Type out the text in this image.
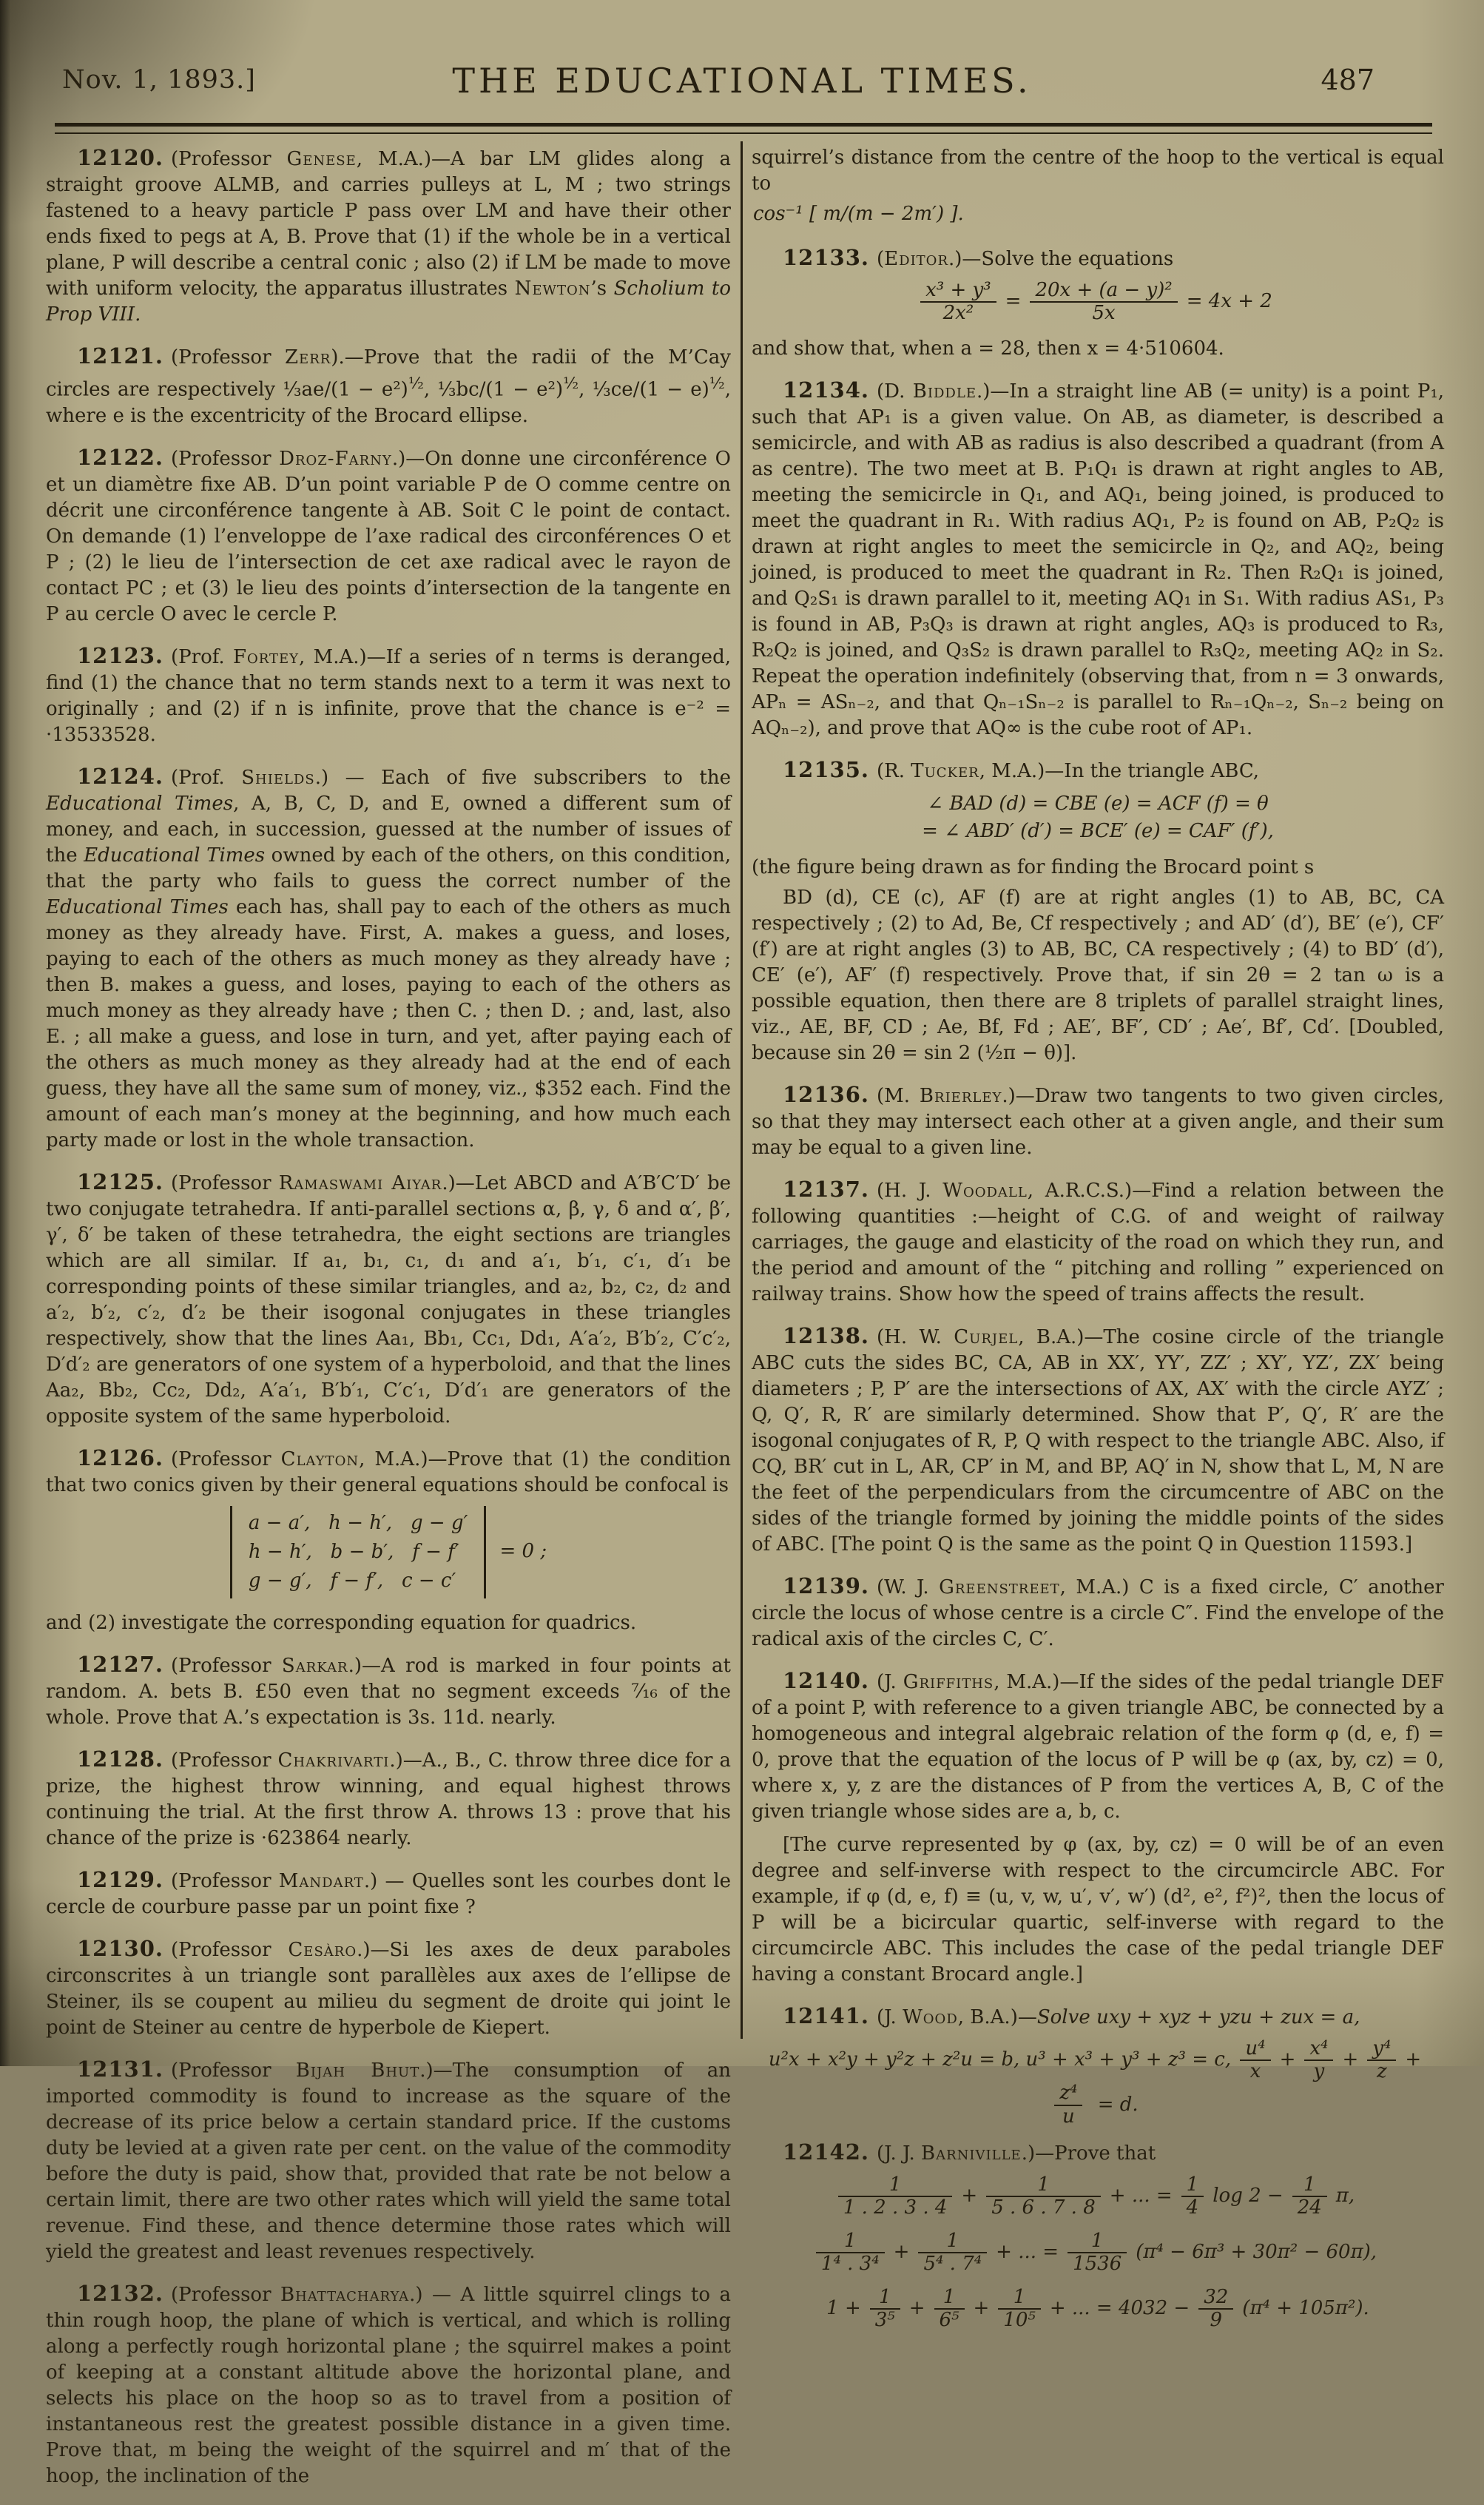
Nov. 1, 1893.]	THE EDUCATIONAL TIMES.	487

12120. (Professor Genese, M.A.)—A bar LM glides along a straight groove ALMB, and carries pulleys at L, M ; two strings fastened to a heavy particle P pass over LM and have their other ends fixed to pegs at A, B. Prove that (1) if the whole be in a vertical plane, P will describe a central conic ; also (2) if LM be made to move with uniform velocity, the apparatus illustrates Newton’s Scholium to Prop VIII.

12121. (Professor Zerr).—Prove that the radii of the M’Cay circles are respectively ⅓ae/(1 − e²)$^{\frac{1}{2}}$, ⅓bc/(1 − e²)$^{\frac{1}{2}}$, ⅓ce/(1 − e)$^{\frac{1}{2}}$, where e is the excentricity of the Brocard ellipse.

12122. (Professor Droz-Farny.)—On donne une circonférence O et un diamètre fixe AB. D’un point variable P de O comme centre on décrit une circonférence tangente à AB. Soit C le point de contact. On demande (1) l’enveloppe de l’axe radical des circonférences O et P ; (2) le lieu de l’intersection de cet axe radical avec le rayon de contact PC ; et (3) le lieu des points d’intersection de la tangente en P au cercle O avec le cercle P.

12123. (Prof. Fortey, M.A.)—If a series of n terms is deranged, find (1) the chance that no term stands next to a term it was next to originally ; and (2) if n is infinite, prove that the chance is e⁻² = ·13533528.

12124. (Prof. Shields.) — Each of five subscribers to the Educational Times, A, B, C, D, and E, owned a different sum of money, and each, in succession, guessed at the number of issues of the Educational Times owned by each of the others, on this condition, that the party who fails to guess the correct number of the Educational Times each has, shall pay to each of the others as much money as they already have. First, A. makes a guess, and loses, paying to each of the others as much money as they already have ; then B. makes a guess, and loses, paying to each of the others as much money as they already have ; then C. ; then D. ; and, last, also E. ; all make a guess, and lose in turn, and yet, after paying each of the others as much money as they already had at the end of each guess, they have all the same sum of money, viz., $352 each. Find the amount of each man’s money at the beginning, and how much each party made or lost in the whole transaction.

12125. (Professor Ramaswami Aiyar.)—Let ABCD and A′B′C′D′ be two conjugate tetrahedra. If anti-parallel sections α, β, γ, δ and α′, β′, γ′, δ′ be taken of these tetrahedra, the eight sections are triangles which are all similar. If a₁, b₁, c₁, d₁ and a′₁, b′₁, c′₁, d′₁ be corresponding points of these similar triangles, and a₂, b₂, c₂, d₂ and a′₂, b′₂, c′₂, d′₂ be their isogonal conjugates in these triangles respectively, show that the lines Aa₁, Bb₁, Cc₁, Dd₁, A′a′₂, B′b′₂, C′c′₂, D′d′₂ are generators of one system of a hyperboloid, and that the lines Aa₂, Bb₂, Cc₂, Dd₂, A′a′₁, B′b′₁, C′c′₁, D′d′₁ are generators of the opposite system of the same hyperboloid.

12126. (Professor Clayton, M.A.)—Prove that (1) the condition that two conics given by their general equations should be confocal is

a − a′,   h − h′,   g − g′
h − h′,   b − b′,   f − f′
g − g′,   f − f′,   c − c′
= 0 ;

and (2) investigate the corresponding equation for quadrics.

12127. (Professor Sarkar.)—A rod is marked in four points at random. A. bets B. £50 even that no segment exceeds ⁷⁄₁₆ of the whole. Prove that A.’s expectation is 3s. 11d. nearly.

12128. (Professor Chakrivarti.)—A., B., C. throw three dice for a prize, the highest throw winning, and equal highest throws continuing the trial. At the first throw A. throws 13 : prove that his chance of the prize is ·623864 nearly.

12129. (Professor Mandart.) — Quelles sont les courbes dont le cercle de courbure passe par un point fixe ?

12130. (Professor Cesàro.)—Si les axes de deux paraboles circonscrites à un triangle sont parallèles aux axes de l’ellipse de Steiner, ils se coupent au milieu du segment de droite qui joint le point de Steiner au centre de hyperbole de Kiepert.

12131. (Professor Bijah Bhut.)—The consumption of an imported commodity is found to increase as the square of the decrease of its price below a certain standard price. If the customs duty be levied at a given rate per cent. on the value of the commodity before the duty is paid, show that, provided that rate be not below a certain limit, there are two other rates which will yield the same total revenue. Find these, and thence determine those rates which will yield the greatest and least revenues respectively.

12132. (Professor Bhattacharya.) — A little squirrel clings to a thin rough hoop, the plane of which is vertical, and which is rolling along a perfectly rough horizontal plane ; the squirrel makes a point of keeping at a constant altitude above the horizontal plane, and selects his place on the hoop so as to travel from a position of instantaneous rest the greatest possible distance in a given time. Prove that, m being the weight of the squirrel and m′ that of the hoop, the inclination of the

squirrel’s distance from the centre of the hoop to the vertical is equal to

cos⁻¹ [ m/(m − 2m′) ].

12133. (Editor.)—Solve the equations

$\frac{\text{x³ + y³}}{\text{2x²}} = \frac{\text{20x + (a − y)²}}{5x} = 4x + 2$

and show that, when a = 28, then x = 4·510604.

12134. (D. Biddle.)—In a straight line AB (= unity) is a point P₁, such that AP₁ is a given value. On AB, as diameter, is described a semicircle, and with AB as radius is also described a quadrant (from A as centre). The two meet at B. P₁Q₁ is drawn at right angles to AB, meeting the semicircle in Q₁, and AQ₁, being joined, is produced to meet the quadrant in R₁. With radius AQ₁, P₂ is found on AB, P₂Q₂ is drawn at right angles to meet the semicircle in Q₂, and AQ₂, being joined, is produced to meet the quadrant in R₂. Then R₂Q₁ is joined, and Q₂S₁ is drawn parallel to it, meeting AQ₁ in S₁. With radius AS₁, P₃ is found in AB, P₃Q₃ is drawn at right angles, AQ₃ is produced to R₃, R₂Q₂ is joined, and Q₃S₂ is drawn parallel to R₃Q₂, meeting AQ₂ in S₂. Repeat the operation indefinitely (observing that, from n = 3 onwards, APₙ = ASₙ₋₂, and that Qₙ₋₁Sₙ₋₂ is parallel to Rₙ₋₁Qₙ₋₂, Sₙ₋₂ being on AQₙ₋₂), and prove that AQ∞ is the cube root of AP₁.

12135. (R. Tucker, M.A.)—In the triangle ABC,

∠ BAD (d) = CBE (e) = ACF (f) = θ
= ∠ ABD′ (d′) = BCE′ (e) = CAF′ (f′),

(the figure being drawn as for finding the Brocard point s

BD (d), CE (c), AF (f) are at right angles (1) to AB, BC, CA respectively ; (2) to Ad, Be, Cf respectively ; and AD′ (d′), BE′ (e′), CF′ (f′) are at right angles (3) to AB, BC, CA respectively ; (4) to BD′ (d′), CE′ (e′), AF′ (f) respectively. Prove that, if sin 2θ = 2 tan ω is a possible equation, then there are 8 triplets of parallel straight lines, viz., AE, BF, CD ; Ae, Bf, Fd ; AE′, BF′, CD′ ; Ae′, Bf′, Cd′. [Doubled, because sin 2θ = sin 2 (½π − θ)].

12136. (M. Brierley.)—Draw two tangents to two given circles, so that they may intersect each other at a given angle, and their sum may be equal to a given line.

12137. (H. J. Woodall, A.R.C.S.)—Find a relation between the following quantities :—height of C.G. of and weight of railway carriages, the gauge and elasticity of the road on which they run, and the period and amount of the “ pitching and rolling ” experienced on railway trains. Show how the speed of trains affects the result.

12138. (H. W. Curjel, B.A.)—The cosine circle of the triangle ABC cuts the sides BC, CA, AB in XX′, YY′, ZZ′ ; XY′, YZ′, ZX′ being diameters ; P, P′ are the intersections of AX, AX′ with the circle AYZ′ ; Q, Q′, R, R′ are similarly determined. Show that P′, Q′, R′ are the isogonal conjugates of R, P, Q with respect to the triangle ABC. Also, if CQ, BR′ cut in L, AR, CP′ in M, and BP, AQ′ in N, show that L, M, N are the feet of the perpendiculars from the circumcentre of ABC on the sides of the triangle formed by joining the middle points of the sides of ABC. [The point Q is the same as the point Q in Question 11593.]

12139. (W. J. Greenstreet, M.A.) C is a fixed circle, C′ another circle the locus of whose centre is a circle C″. Find the envelope of the radical axis of the circles C, C′.

12140. (J. Griffiths, M.A.)—If the sides of the pedal triangle DEF of a point P, with reference to a given triangle ABC, be connected by a homogeneous and integral algebraic relation of the form φ (d, e, f) = 0, prove that the equation of the locus of P will be φ (ax, by, cz) = 0, where x, y, z are the distances of P from the vertices A, B, C of the given triangle whose sides are a, b, c.

[The curve represented by φ (ax, by, cz) = 0 will be of an even degree and self-inverse with respect to the circumcircle ABC. For example, if φ (d, e, f) ≡ (u, v, w, u′, v′, w′) (d², e², f²)², then the locus of P will be a bicircular quartic, self-inverse with regard to the circumcircle ABC. This includes the case of the pedal triangle DEF having a constant Brocard angle.]

12141. (J. Wood, B.A.)—Solve uxy + xyz + yzu + zux = a,

u²x + x²y + y²z + z²u = b, u³ + x³ + y³ + z³ = c, $\frac{\text{u⁴}}{x} + \frac{\text{x⁴}}{y} + \frac{\text{y⁴}}{z}$ +
$\frac{\text{z⁴}}{u} = d$.

12142. (J. J. Barniville.)—Prove that

$\frac{1}{1 . 2 . 3 . 4} + \frac{1}{5 . 6 . 7 . 8}$ + ... = $\frac{1}{4}$ $\log 2 - \frac{1}{24} \pi$,
$\frac{1}{\text{1⁴ . 3⁴}} + \frac{1}{\text{5⁴ . 7⁴}}$ + ... = $\frac{1}{1536} (\pi^4 - 6\pi^3 + 30\pi^2 - 60\pi)$,
$1 + \frac{1}{\text{3⁵}} + \frac{1}{\text{6⁵}} + \frac{1}{\text{10⁵}}$ + ... = $4032 - \frac{32}{9} (\pi^4 + 105\pi^2)$.
